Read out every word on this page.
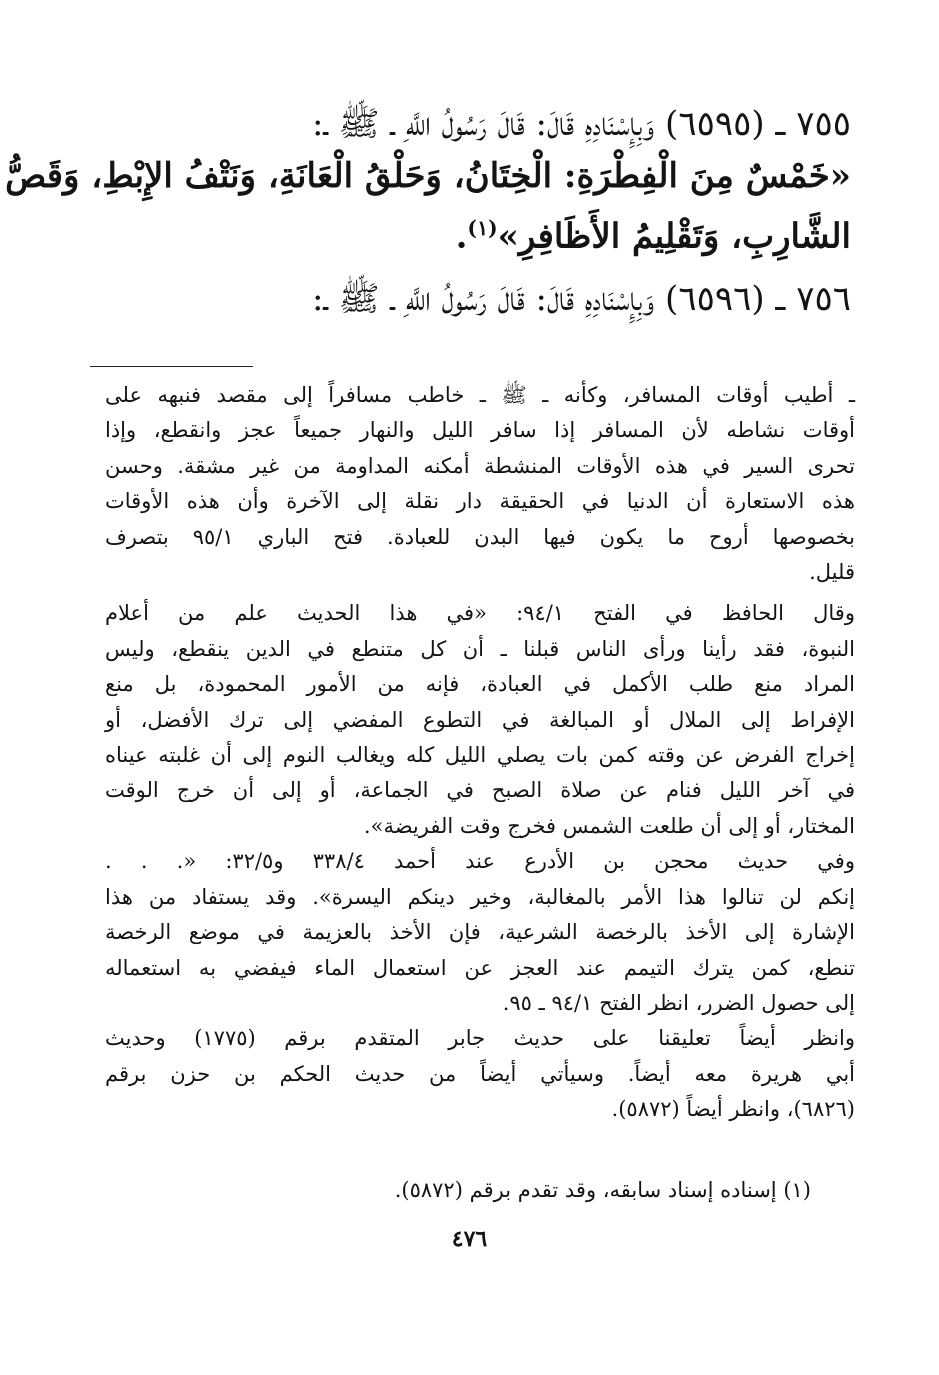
٧٥٥ ـ (٦٥٩٥) وَبِإِسْنَادِهِ قَالَ: قَالَ رَسُولُ اللَّهِ ـ ﷺ ـ:
«خَمْسٌ مِنَ الْفِطْرَةِ: الْخِتَانُ، وَحَلْقُ الْعَانَةِ، وَنَتْفُ الإِبْطِ، وَقَصُّ
الشَّارِبِ، وَتَقْلِيمُ الأَظَافِرِ»$^{(١)}$.
٧٥٦ ـ (٦٥٩٦) وَبِإِسْنَادِهِ قَالَ: قَالَ رَسُولُ اللَّهِ ـ ﷺ ـ:
ـ أطيب أوقات المسافر، وكأنه ـ ﷺ ـ خاطب مسافراً إلى مقصد فنبهه على
أوقات نشاطه لأن المسافر إذا سافر الليل والنهار جميعاً عجز وانقطع، وإذا
تحرى السير في هذه الأوقات المنشطة أمكنه المداومة من غير مشقة. وحسن
هذه الاستعارة أن الدنيا في الحقيقة دار نقلة إلى الآخرة وأن هذه الأوقات
بخصوصها أروح ما يكون فيها البدن للعبادة. فتح الباري ٩٥/١ بتصرف
قليل.
وقال الحافظ في الفتح ٩٤/١: «في هذا الحديث علم من أعلام
النبوة، فقد رأينا ورأى الناس قبلنا ـ أن كل متنطع في الدين ينقطع، وليس
المراد منع طلب الأكمل في العبادة، فإنه من الأمور المحمودة، بل منع
الإفراط إلى الملال أو المبالغة في التطوع المفضي إلى ترك الأفضل، أو
إخراج الفرض عن وقته كمن بات يصلي الليل كله ويغالب النوم إلى أن غلبته عيناه
في آخر الليل فنام عن صلاة الصبح في الجماعة، أو إلى أن خرج الوقت
المختار، أو إلى أن طلعت الشمس فخرج وقت الفريضة».
وفي حديث محجن بن الأدرع عند أحمد ٣٣٨/٤ و٣٢/٥: «. . .
إنكم لن تنالوا هذا الأمر بالمغالبة، وخير دينكم اليسرة». وقد يستفاد من هذا
الإشارة إلى الأخذ بالرخصة الشرعية، فإن الأخذ بالعزيمة في موضع الرخصة
تنطع، كمن يترك التيمم عند العجز عن استعمال الماء فيفضي به استعماله
إلى حصول الضرر، انظر الفتح ٩٤/١ ـ ٩٥.
وانظر أيضاً تعليقنا على حديث جابر المتقدم برقم (١٧٧٥) وحديث
أبي هريرة معه أيضاً. وسيأتي أيضاً من حديث الحكم بن حزن برقم
(٦٨٢٦)، وانظر أيضاً (٥٨٧٢).
(١) إسناده إسناد سابقه، وقد تقدم برقم (٥٨٧٢).
٤٧٦
